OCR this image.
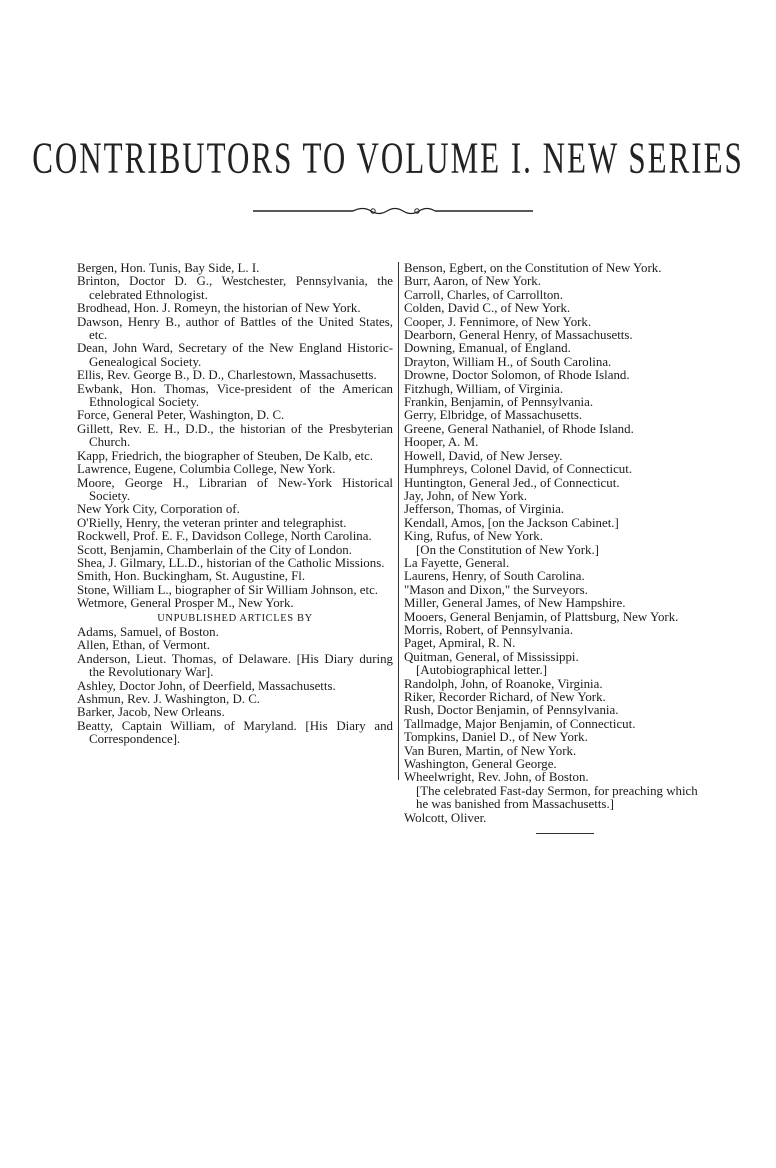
CONTRIBUTORS TO VOLUME I. NEW SERIES

Bergen, Hon. Tunis, Bay Side, L. I.

Brinton, Doctor D. G., Westchester, Pennsylvania, the celebrated Ethnologist.

Brodhead, Hon. J. Romeyn, the historian of New York.

Dawson, Henry B., author of Battles of the United States, etc.

Dean, John Ward, Secretary of the New England Historic-Genealogical Society.

Ellis, Rev. George B., D. D., Charlestown, Massachusetts.

Ewbank, Hon. Thomas, Vice-president of the American Ethnological Society.

Force, General Peter, Washington, D. C.

Gillett, Rev. E. H., D.D., the historian of the Presbyterian Church.

Kapp, Friedrich, the biographer of Steuben, De Kalb, etc.

Lawrence, Eugene, Columbia College, New York.

Moore, George H., Librarian of New-York Historical Society.

New York City, Corporation of.

O'Rielly, Henry, the veteran printer and telegraphist.

Rockwell, Prof. E. F., Davidson College, North Carolina.

Scott, Benjamin, Chamberlain of the City of London.

Shea, J. Gilmary, LL.D., historian of the Catholic Missions.

Smith, Hon. Buckingham, St. Augustine, Fl.

Stone, William L., biographer of Sir William Johnson, etc.

Wetmore, General Prosper M., New York.

UNPUBLISHED ARTICLES BY

Adams, Samuel, of Boston.

Allen, Ethan, of Vermont.

Anderson, Lieut. Thomas, of Delaware. [His Diary during the Revolutionary War].

Ashley, Doctor John, of Deerfield, Massachusetts.

Ashmun, Rev. J. Washington, D. C.

Barker, Jacob, New Orleans.

Beatty, Captain William, of Maryland. [His Diary and Correspondence].

Benson, Egbert, on the Constitution of New York.

Burr, Aaron, of New York.

Carroll, Charles, of Carrollton.

Colden, David C., of New York.

Cooper, J. Fennimore, of New York.

Dearborn, General Henry, of Massachusetts.

Downing, Emanual, of England.

Drayton, William H., of South Carolina.

Drowne, Doctor Solomon, of Rhode Island.

Fitzhugh, William, of Virginia.

Frankin, Benjamin, of Pennsylvania.

Gerry, Elbridge, of Massachusetts.

Greene, General Nathaniel, of Rhode Island.

Hooper, A. M.

Howell, David, of New Jersey.

Humphreys, Colonel David, of Connecticut.

Huntington, General Jed., of Connecticut.

Jay, John, of New York.

Jefferson, Thomas, of Virginia.

Kendall, Amos, [on the Jackson Cabinet.]

King, Rufus, of New York.

[On the Constitution of New York.]

La Fayette, General.

Laurens, Henry, of South Carolina.

"Mason and Dixon," the Surveyors.

Miller, General James, of New Hampshire.

Mooers, General Benjamin, of Plattsburg, New York.

Morris, Robert, of Pennsylvania.

Paget, Apmiral, R. N.

Quitman, General, of Mississippi.

[Autobiographical letter.]

Randolph, John, of Roanoke, Virginia.

Riker, Recorder Richard, of New York.

Rush, Doctor Benjamin, of Pennsylvania.

Tallmadge, Major Benjamin, of Connecticut.

Tompkins, Daniel D., of New York.

Van Buren, Martin, of New York.

Washington, General George.

Wheelwright, Rev. John, of Boston.

[The celebrated Fast-day Sermon, for preaching which he was banished from Massachusetts.]

Wolcott, Oliver.
